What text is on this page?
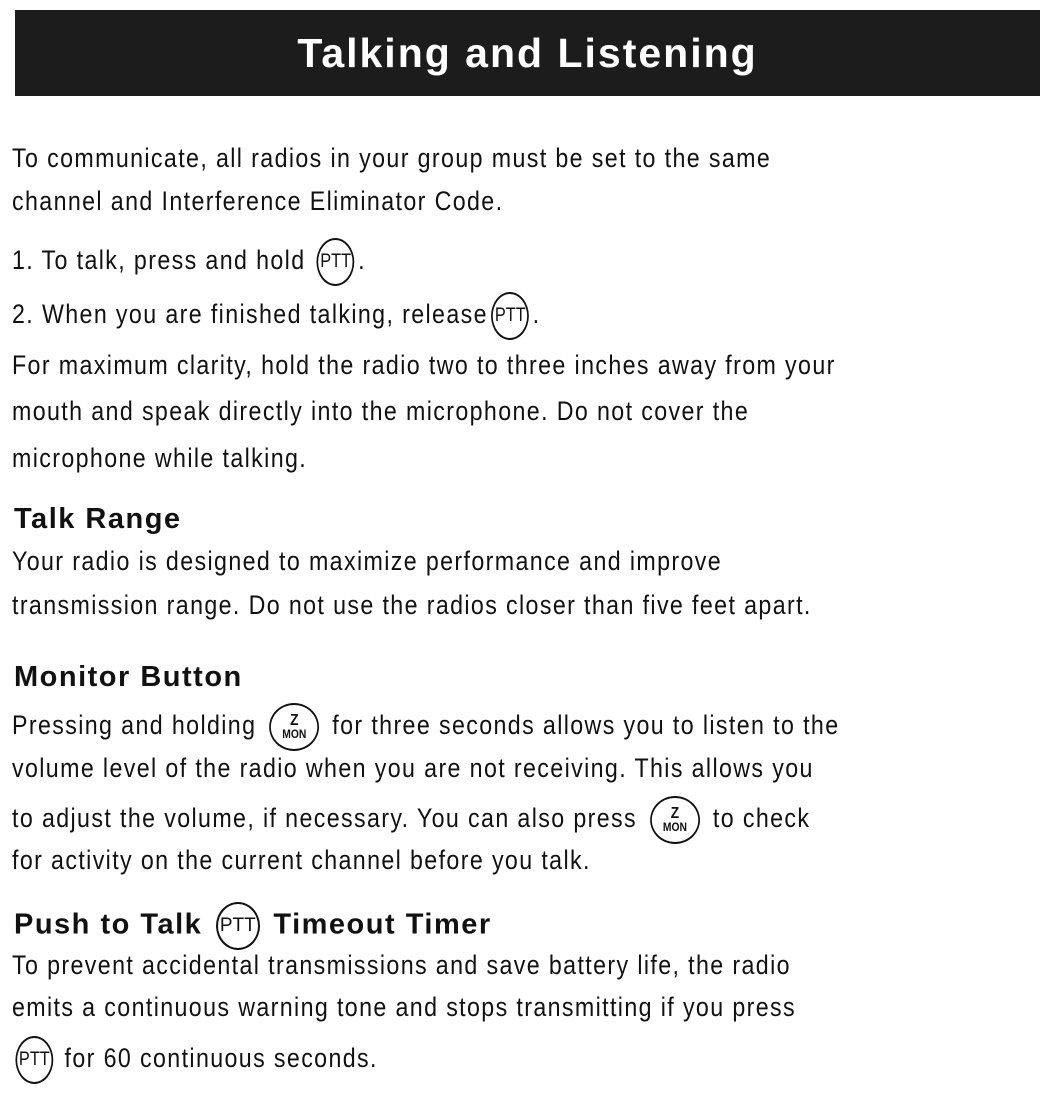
Talking and Listening
To communicate, all radios in your group must be set to the same
channel and Interference Eliminator Code.
1. To talk, press and hold PTT .
2. When you are finished talking, release PTT .
For maximum clarity, hold the radio two to three inches away from your
mouth and speak directly into the microphone. Do not cover the
microphone while talking.
Talk Range
Your radio is designed to maximize performance and improve
transmission range. Do not use the radios closer than five feet apart.
Monitor Button
Pressing and holding Z
MON for three seconds allows you to listen to the
volume level of the radio when you are not receiving. This allows you
to adjust the volume, if necessary. You can also press Z
MON to check
for activity on the current channel before you talk.
Push to Talk PTT Timeout Timer
To prevent accidental transmissions and save battery life, the radio
emits a continuous warning tone and stops transmitting if you press
PTT for 60 continuous seconds.
